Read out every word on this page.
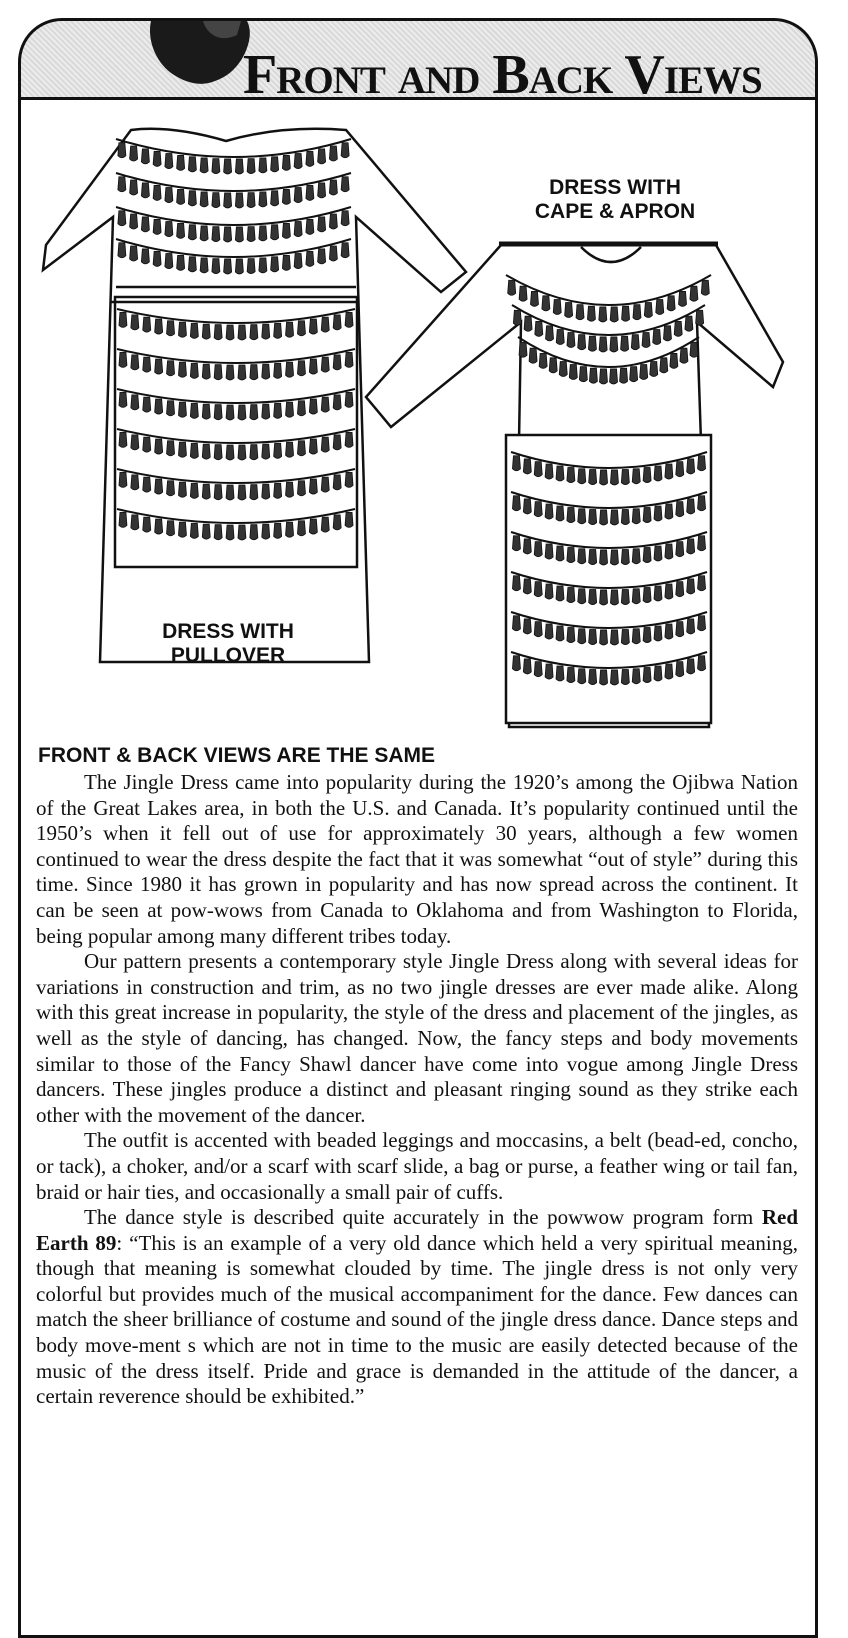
Front and Back Views
DRESS WITH
CAPE & APRON
DRESS WITH
PULLOVER
FRONT & BACK VIEWS ARE THE SAME

The Jingle Dress came into popularity during the 1920’s among the Ojibwa Nation of the Great Lakes area, in both the U.S. and Canada. It’s popularity continued until the 1950’s when it fell out of use for approximately 30 years, although a few women continued to wear the dress despite the fact that it was somewhat “out of style” during this time. Since 1980 it has grown in popularity and has now spread across the continent. It can be seen at pow-wows from Canada to Oklahoma and from Washington to Florida, being popular among many different tribes today.

Our pattern presents a contemporary style Jingle Dress along with several ideas for variations in construction and trim, as no two jingle dresses are ever made alike. Along with this great increase in popularity, the style of the dress and placement of the jingles, as well as the style of dancing, has changed. Now, the fancy steps and body movements similar to those of the Fancy Shawl dancer have come into vogue among Jingle Dress dancers. These jingles produce a distinct and pleasant ringing sound as they strike each other with the movement of the dancer.

The outfit is accented with beaded leggings and moccasins, a belt (bead-ed, concho, or tack), a choker, and/or a scarf with scarf slide, a bag or purse, a feather wing or tail fan, braid or hair ties, and occasionally a small pair of cuffs.

The dance style is described quite accurately in the powwow program form Red Earth 89: “This is an example of a very old dance which held a very spiritual meaning, though that meaning is somewhat clouded by time. The jingle dress is not only very colorful but provides much of the musical accompaniment for the dance. Few dances can match the sheer brilliance of costume and sound of the jingle dress dance. Dance steps and body move-ment s which are not in time to the music are easily detected because of the music of the dress itself. Pride and grace is demanded in the attitude of the dancer, a certain reverence should be exhibited.”
